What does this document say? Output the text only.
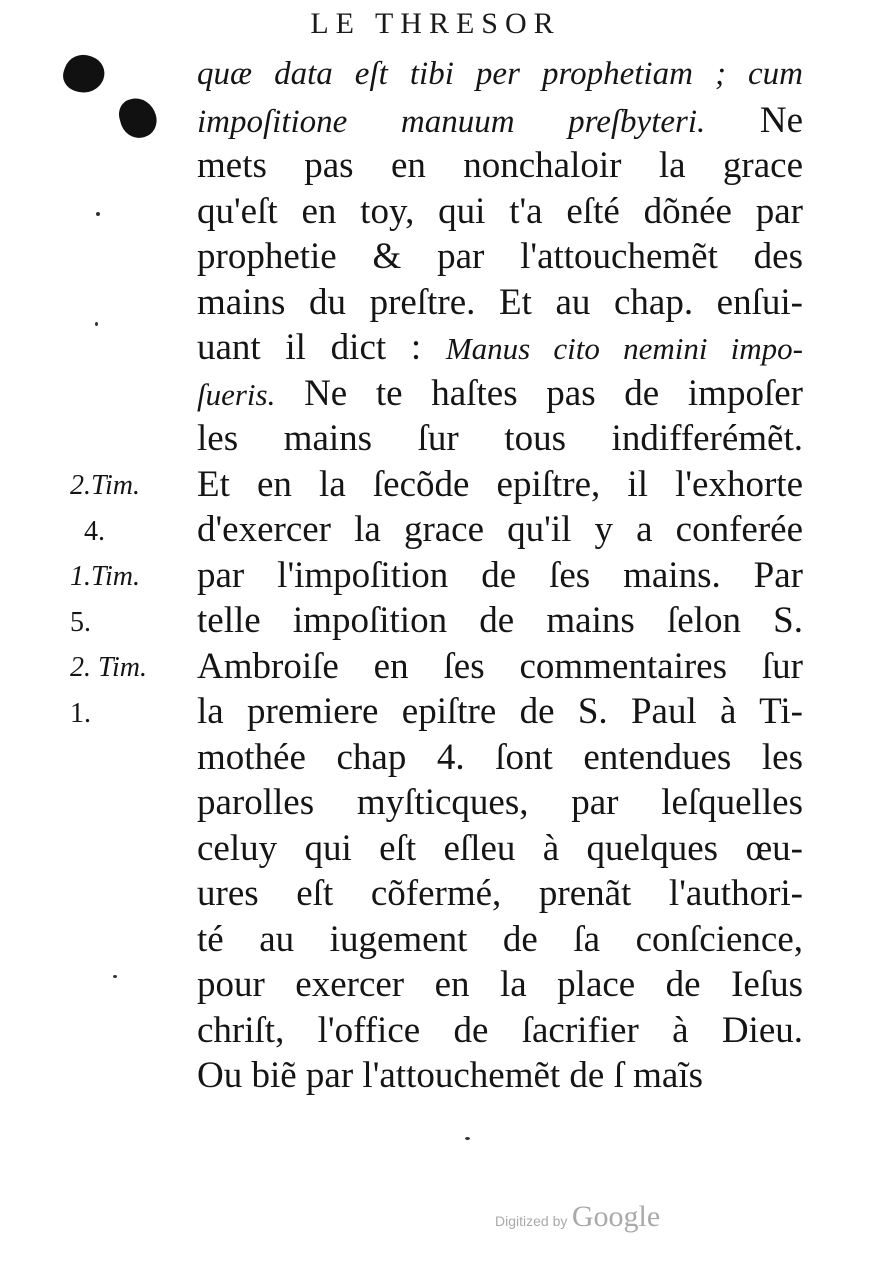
LE THRESOR
quæ data eſt tibi per prophetiam ; cum
impoſitione manuum preſbyteri. Ne
mets pas en nonchaloir la grace
qu'eſt en toy, qui t'a eſté dõnée par
prophetie & par l'attouchemẽt des
mains du preſtre. Et au chap. enſui-
uant il dict : Manus cito nemini impo-
ſueris. Ne te haſtes pas de impoſer
les mains ſur tous indifferémẽt.
Et en la ſecõde epiſtre, il l'exhorte
d'exercer la grace qu'il y a conferée
par l'impoſition de ſes mains. Par
telle impoſition de mains ſelon S.
Ambroiſe en ſes commentaires ſur
la premiere epiſtre de S. Paul à Ti-
mothée chap 4. ſont entendues les
parolles myſticques, par leſquelles
celuy qui eſt eſleu à quelques œu-
ures eſt cõfermé, prenãt l'authori-
té au iugement de ſa conſcience,
pour exercer en la place de Ieſus
chriſt, l'office de ſacrifier à Dieu.
Ou biẽ par l'attouchemẽt de ſ maĩs
2.Tim.
4.
1.Tim.
5.
2. Tim.
1.
Digitized by Google
